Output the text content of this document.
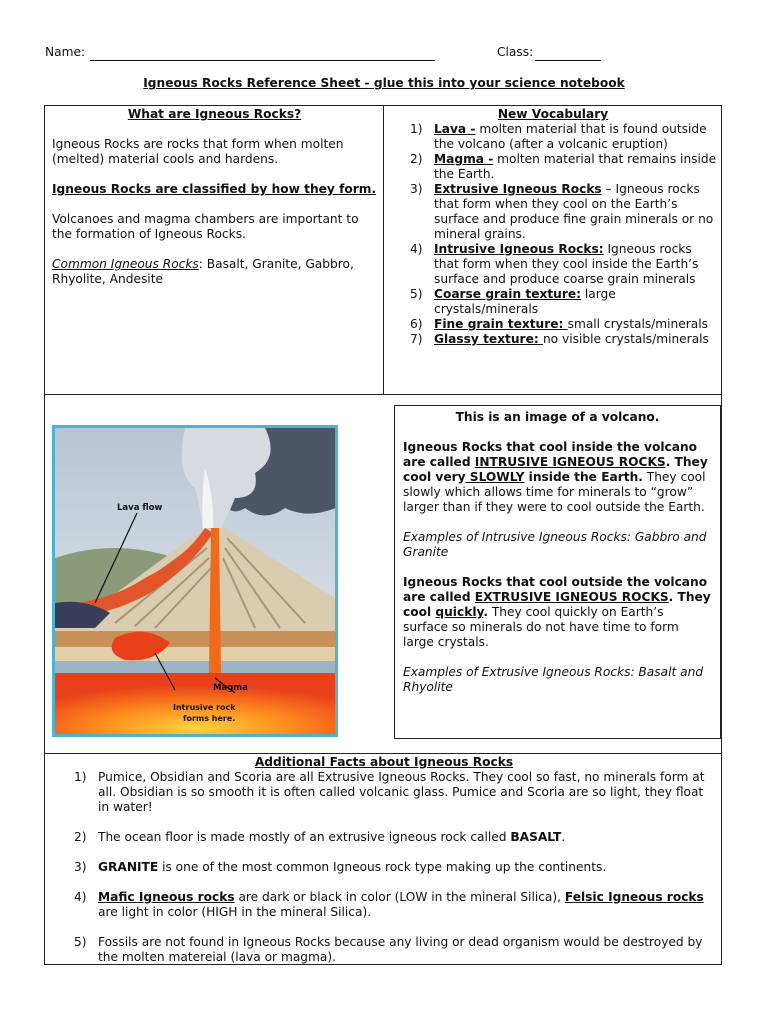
Name:	Class:
Igneous Rocks Reference Sheet - glue this into your science notebook
What are Igneous Rocks?

Igneous Rocks are rocks that form when molten (melted) material cools and hardens.

Igneous Rocks are classified by how they form.

Volcanoes and magma chambers are important to the formation of Igneous Rocks.

Common Igneous Rocks: Basalt, Granite, Gabbro, Rhyolite, Andesite

New Vocabulary
1) Lava - molten material that is found outside the volcano (after a volcanic eruption)
2) Magma - molten material that remains inside the Earth.
3) Extrusive Igneous Rocks – Igneous rocks that form when they cool on the Earth’s surface and produce fine grain minerals or no mineral grains.
4) Intrusive Igneous Rocks: Igneous rocks that form when they cool inside the Earth’s surface and produce coarse grain minerals
5) Coarse grain texture: large crystals/minerals
6) Fine grain texture: small crystals/minerals
7) Glassy texture: no visible crystals/minerals
Lava flow
Magma
Intrusive rock
forms here.

This is an image of a volcano.

Igneous Rocks that cool inside the volcano are called INTRUSIVE IGNEOUS ROCKS. They cool very SLOWLY inside the Earth. They cool slowly which allows time for minerals to “grow” larger than if they were to cool outside the Earth.

Examples of Intrusive Igneous Rocks: Gabbro and Granite

Igneous Rocks that cool outside the volcano are called EXTRUSIVE IGNEOUS ROCKS. They cool quickly. They cool quickly on Earth’s surface so minerals do not have time to form large crystals.

Examples of Extrusive Igneous Rocks: Basalt and Rhyolite

Additional Facts about Igneous Rocks
1) Pumice, Obsidian and Scoria are all Extrusive Igneous Rocks. They cool so fast, no minerals form at all. Obsidian is so smooth it is often called volcanic glass. Pumice and Scoria are so light, they float in water!
2) The ocean floor is made mostly of an extrusive igneous rock called BASALT.
3) GRANITE is one of the most common Igneous rock type making up the continents.
4) Mafic Igneous rocks are dark or black in color (LOW in the mineral Silica), Felsic Igneous rocks are light in color (HIGH in the mineral Silica).
5) Fossils are not found in Igneous Rocks because any living or dead organism would be destroyed by the molten matereial (lava or magma).
